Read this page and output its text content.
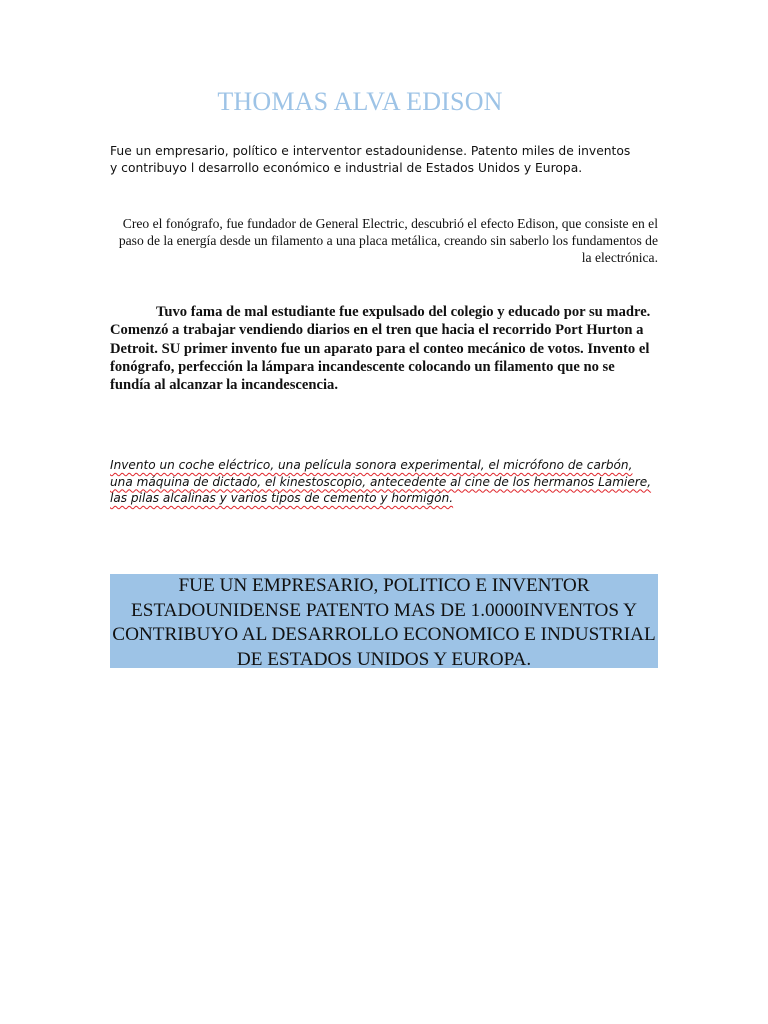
THOMAS ALVA EDISON

Fue un empresario, político e interventor estadounidense. Patento miles de inventos y contribuyo l desarrollo económico e industrial de Estados Unidos y Europa.

Creo el fonógrafo, fue fundador de General Electric, descubrió el efecto Edison, que consiste en el paso de la energía desde un filamento a una placa metálica, creando sin saberlo los fundamentos de la electrónica.

Tuvo fama de mal estudiante fue expulsado del colegio y educado por su madre. Comenzó a trabajar vendiendo diarios en el tren que hacia el recorrido Port Hurton a Detroit. SU primer invento fue un aparato para el conteo mecánico de votos. Invento el fonógrafo, perfección la lámpara incandescente colocando un filamento que no se fundía al alcanzar la incandescencia.

Invento un coche eléctrico, una película sonora experimental, el micrófono de carbón, una máquina de dictado, el kinestoscopio, antecedente al cine de los hermanos Lamiere, las pilas alcalinas y varios tipos de cemento y hormigón.

FUE UN EMPRESARIO, POLITICO E INVENTOR ESTADOUNIDENSE PATENTO MAS DE 1.0000INVENTOS Y CONTRIBUYO AL DESARROLLO ECONOMICO E INDUSTRIAL DE ESTADOS UNIDOS Y EUROPA.
